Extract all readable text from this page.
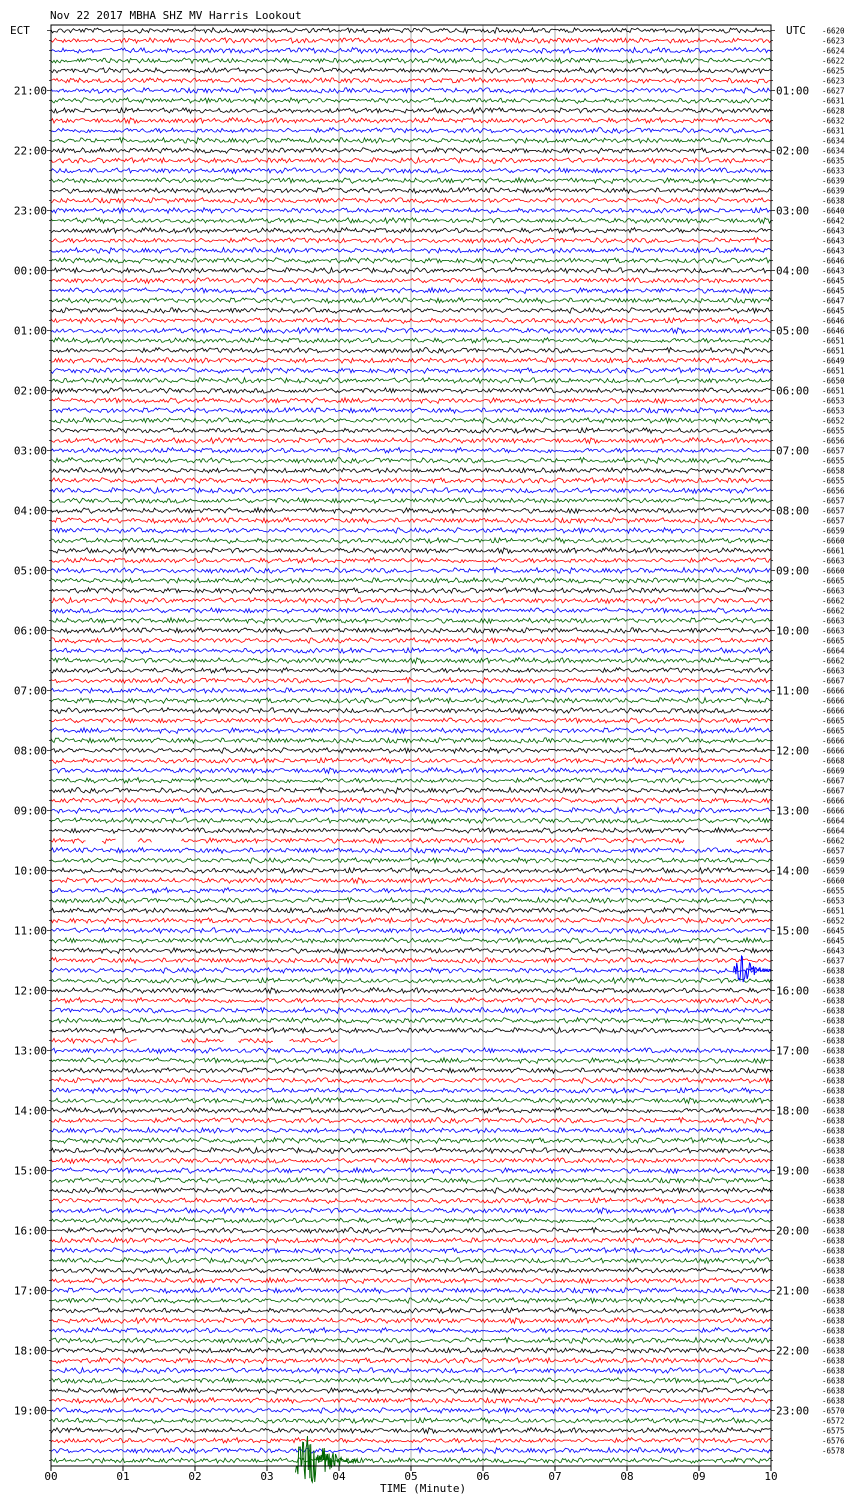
21:00
22:00
23:00
00:00
01:00
02:00
03:00
04:00
05:00
06:00
07:00
08:00
09:00
10:00
11:00
12:00
13:00
14:00
15:00
16:00
17:00
18:00
19:00
01:00
02:00
03:00
04:00
05:00
06:00
07:00
08:00
09:00
10:00
11:00
12:00
13:00
14:00
15:00
16:00
17:00
18:00
19:00
20:00
21:00
22:00
23:00
-6620
-6623
-6624
-6622
-6625
-6623
-6627
-6631
-6628
-6632
-6631
-6634
-6634
-6635
-6633
-6639
-6639
-6638
-6640
-6642
-6643
-6643
-6643
-6646
-6643
-6645
-6645
-6647
-6645
-6646
-6646
-6651
-6651
-6649
-6651
-6650
-6651
-6653
-6653
-6652
-6655
-6656
-6657
-6655
-6658
-6655
-6656
-6657
-6657
-6657
-6659
-6660
-6661
-6663
-6660
-6665
-6663
-6662
-6662
-6663
-6663
-6665
-6664
-6662
-6663
-6667
-6666
-6666
-6666
-6665
-6665
-6666
-6666
-6668
-6669
-6667
-6667
-6666
-6666
-6664
-6664
-6662
-6657
-6659
-6659
-6660
-6655
-6653
-6651
-6652
-6645
-6645
-6643
-6637
-6638
-6638
-6638
-6638
-6638
-6638
-6638
-6638
-6638
-6638
-6638
-6638
-6638
-6638
-6638
-6638
-6638
-6638
-6638
-6638
-6638
-6638
-6638
-6638
-6638
-6638
-6638
-6638
-6638
-6638
-6638
-6638
-6638
-6638
-6638
-6638
-6638
-6638
-6638
-6638
-6638
-6638
-6638
-6638
-6570
-6572
-6575
-6576
-6578
00	01	02	03	04	05	06	07	08	09	10
Nov 22 2017 MBHA SHZ MV Harris Lookout
ECT	UTC
TIME (Minute)
